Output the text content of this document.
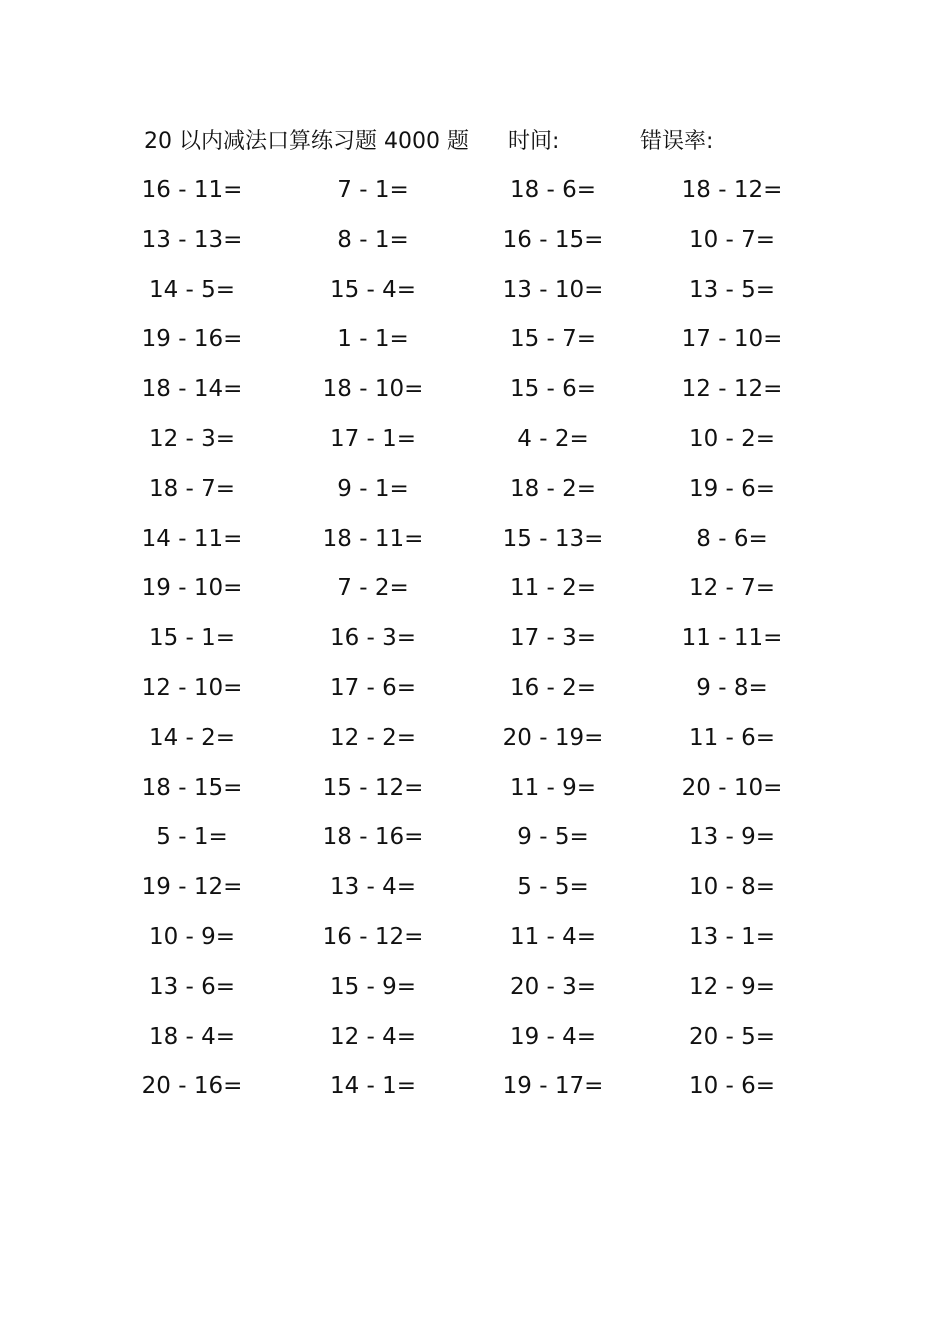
20 以内减法口算练习题 4000 题 时间:	错误率:
16 - 11=	7 - 1=	18 - 6=	18 - 12=
13 - 13=	8 - 1=	16 - 15=	10 - 7=
14 - 5=	15 - 4=	13 - 10=	13 - 5=
19 - 16=	1 - 1=	15 - 7=	17 - 10=
18 - 14=	18 - 10=	15 - 6=	12 - 12=
12 - 3=	17 - 1=	4 - 2=	10 - 2=
18 - 7=	9 - 1=	18 - 2=	19 - 6=
14 - 11=	18 - 11=	15 - 13=	8 - 6=
19 - 10=	7 - 2=	11 - 2=	12 - 7=
15 - 1=	16 - 3=	17 - 3=	11 - 11=
12 - 10=	17 - 6=	16 - 2=	9 - 8=
14 - 2=	12 - 2=	20 - 19=	11 - 6=
18 - 15=	15 - 12=	11 - 9=	20 - 10=
5 - 1=	18 - 16=	9 - 5=	13 - 9=
19 - 12=	13 - 4=	5 - 5=	10 - 8=
10 - 9=	16 - 12=	11 - 4=	13 - 1=
13 - 6=	15 - 9=	20 - 3=	12 - 9=
18 - 4=	12 - 4=	19 - 4=	20 - 5=
20 - 16=	14 - 1=	19 - 17=	10 - 6=
